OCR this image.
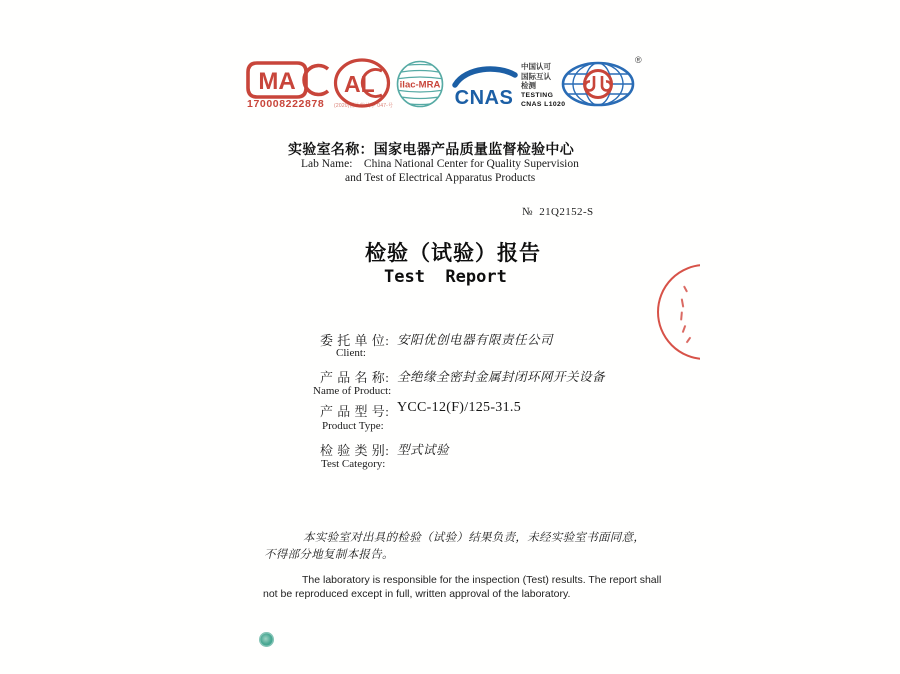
MA
170008222878 (2020)国认监认字 047-号
AL	ilac-MRA
CNAS
中国认可
国际互认
检测
TESTING
CNAS L1020
®
实验室名称：国家电器产品质量监督检验中心
Lab Name: China National Center for Quality Supervision
and Test of Electrical Apparatus Products
№  21Q2152-S
检验（试验）报告
Test  Report
委 托 单 位: 安阳优创电器有限责任公司
Client:
产 品 名 称: 全绝缘全密封金属封闭环网开关设备
Name of Product:
产 品 型 号: YCC-12(F)/125-31.5
Product Type:
检 验 类 别: 型式试验
Test Category:
本实验室对出具的检验（试验）结果负责，未经实验室书面同意，
不得部分地复制本报告。
The laboratory is responsible for the inspection (Test) results. The report shall
not be reproduced except in full, written approval of the laboratory.
